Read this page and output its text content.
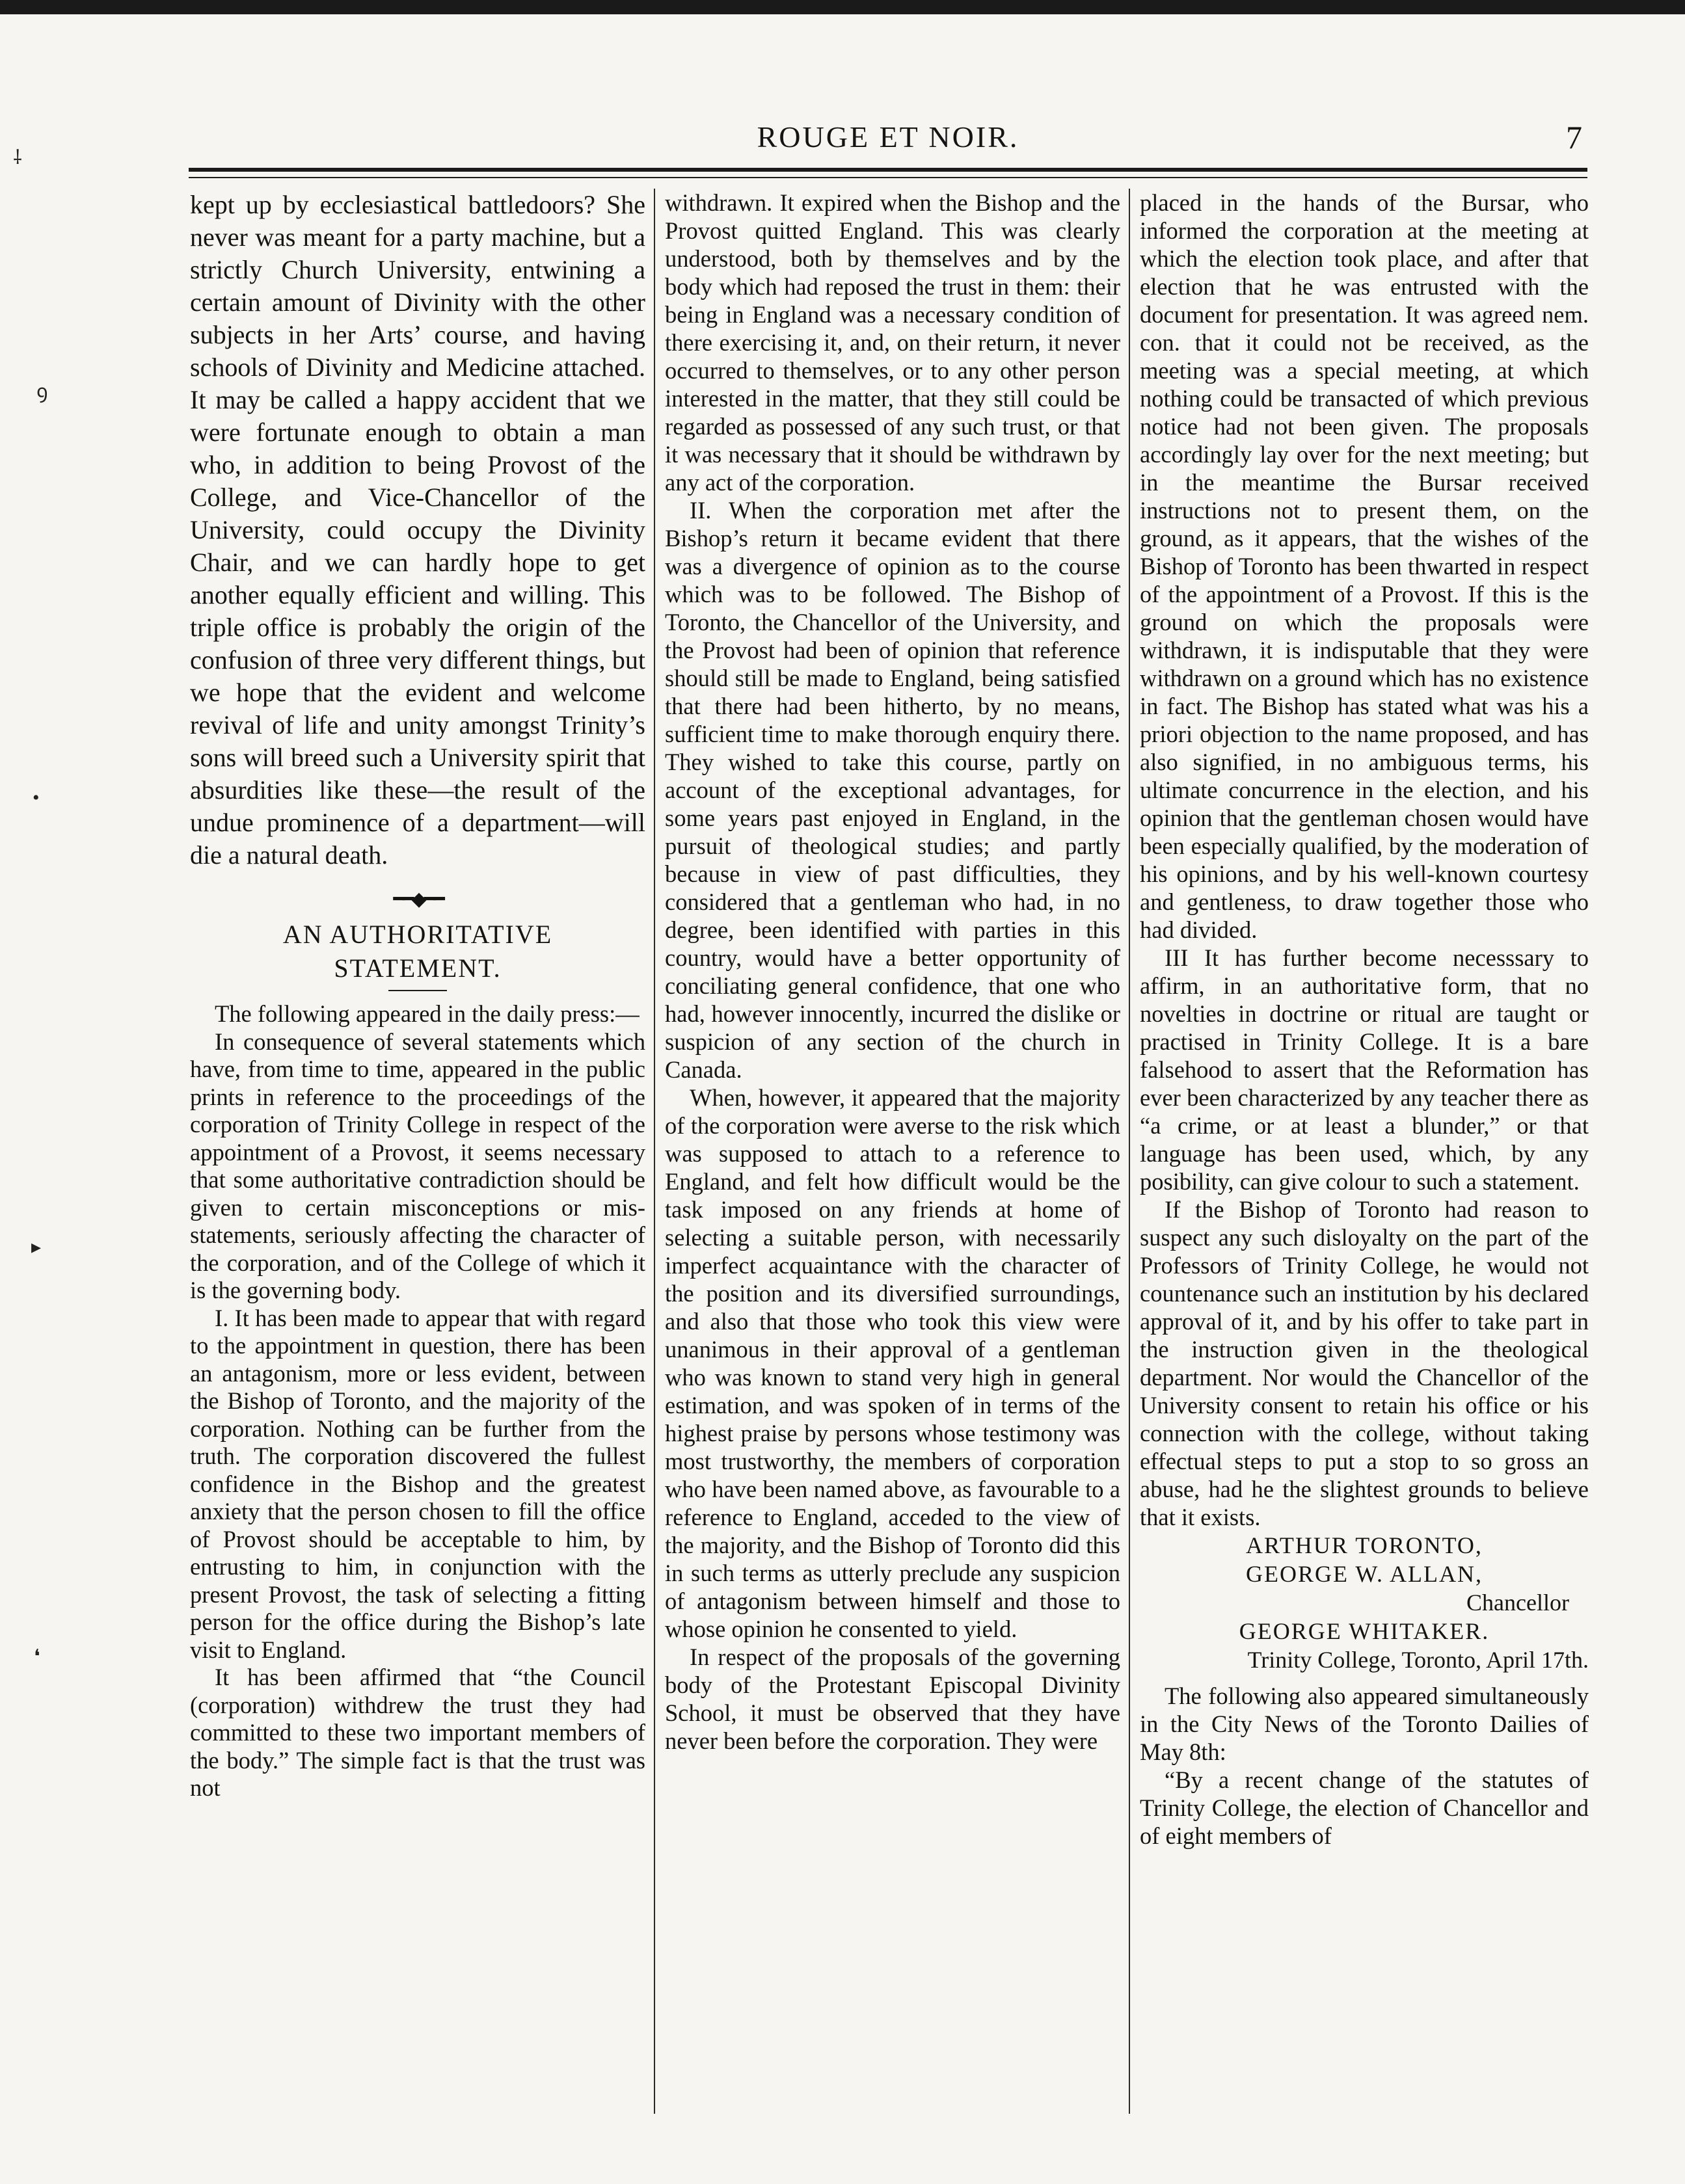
⸸
ꝯ
•
▸
❛
ROUGE ET NOIR.	7

kept up by ecclesiastical battledoors? She never was meant for a party machine, but a strictly Church University, entwining a certain amount of Divinity with the other subjects in her Arts’ course, and having schools of Divinity and Medicine attached. It may be called a happy accident that we were fortunate enough to obtain a man who, in addition to being Provost of the College, and Vice-Chancellor of the University, could occupy the Divinity Chair, and we can hardly hope to get another equally efficient and willing. This triple office is probably the origin of the confusion of three very different things, but we hope that the evident and welcome revival of life and unity amongst Trinity’s sons will breed such a University spirit that absurdities like these—the result of the undue prominence of a department—will die a natural death.

━━◆━━
AN AUTHORITATIVE
STATEMENT.

The following appeared in the daily press:—

In consequence of several statements which have, from time to time, appeared in the public prints in reference to the proceedings of the corporation of Trinity College in respect of the appointment of a Provost, it seems necessary that some authoritative contradiction should be given to certain misconceptions or mis-statements, seriously affecting the character of the corporation, and of the College of which it is the governing body.

I. It has been made to appear that with regard to the appointment in question, there has been an antagonism, more or less evident, between the Bishop of Toronto, and the majority of the corporation. Nothing can be further from the truth. The corporation discovered the fullest confidence in the Bishop and the greatest anxiety that the person chosen to fill the office of Provost should be acceptable to him, by entrusting to him, in conjunction with the present Provost, the task of selecting a fitting person for the office during the Bishop’s late visit to England.

It has been affirmed that “the Council (corporation) withdrew the trust they had committed to these two important members of the body.” The simple fact is that the trust was not

withdrawn. It expired when the Bishop and the Provost quitted England. This was clearly understood, both by themselves and by the body which had reposed the trust in them: their being in England was a necessary condition of there exercising it, and, on their return, it never occurred to themselves, or to any other person interested in the matter, that they still could be regarded as possessed of any such trust, or that it was necessary that it should be withdrawn by any act of the corporation.

II. When the corporation met after the Bishop’s return it became evident that there was a divergence of opinion as to the course which was to be followed. The Bishop of Toronto, the Chancellor of the University, and the Provost had been of opinion that reference should still be made to England, being satisfied that there had been hitherto, by no means, sufficient time to make thorough enquiry there. They wished to take this course, partly on account of the exceptional advantages, for some years past enjoyed in England, in the pursuit of theological studies; and partly because in view of past difficulties, they considered that a gentleman who had, in no degree, been identified with parties in this country, would have a better opportunity of conciliating general confidence, that one who had, however innocently, incurred the dislike or suspicion of any section of the church in Canada.

When, however, it appeared that the majority of the corporation were averse to the risk which was supposed to attach to a reference to England, and felt how difficult would be the task imposed on any friends at home of selecting a suitable person, with necessarily imperfect acquaintance with the character of the position and its diversified surroundings, and also that those who took this view were unanimous in their approval of a gentleman who was known to stand very high in general estimation, and was spoken of in terms of the highest praise by persons whose testimony was most trustworthy, the members of corporation who have been named above, as favourable to a reference to England, acceded to the view of the majority, and the Bishop of Toronto did this in such terms as utterly preclude any suspicion of antagonism between himself and those to whose opinion he consented to yield.

In respect of the proposals of the governing body of the Protestant Episcopal Divinity School, it must be observed that they have never been before the corporation. They were

placed in the hands of the Bursar, who informed the corporation at the meeting at which the election took place, and after that election that he was entrusted with the document for presentation. It was agreed nem. con. that it could not be received, as the meeting was a special meeting, at which nothing could be transacted of which previous notice had not been given. The proposals accordingly lay over for the next meeting; but in the meantime the Bursar received instructions not to present them, on the ground, as it appears, that the wishes of the Bishop of Toronto has been thwarted in respect of the appointment of a Provost. If this is the ground on which the proposals were withdrawn, it is indisputable that they were withdrawn on a ground which has no existence in fact. The Bishop has stated what was his a priori objection to the name proposed, and has also signified, in no ambiguous terms, his ultimate concurrence in the election, and his opinion that the gentleman chosen would have been especially qualified, by the moderation of his opinions, and by his well-known courtesy and gentleness, to draw together those who had divided.

III It has further become necesssary to affirm, in an authoritative form, that no novelties in doctrine or ritual are taught or practised in Trinity College. It is a bare falsehood to assert that the Reformation has ever been characterized by any teacher there as “a crime, or at least a blunder,” or that language has been used, which, by any posibility, can give colour to such a statement.

If the Bishop of Toronto had reason to suspect any such disloyalty on the part of the Professors of Trinity College, he would not countenance such an institution by his declared approval of it, and by his offer to take part in the instruction given in the theological department. Nor would the Chancellor of the University consent to retain his office or his connection with the college, without taking effectual steps to put a stop to so gross an abuse, had he the slightest grounds to believe that it exists.

ARTHUR TORONTO,
GEORGE W. ALLAN,
Chancellor
GEORGE WHITAKER.
Trinity College, Toronto, April 17th.

The following also appeared simultaneously in the City News of the Toronto Dailies of May 8th:

“By a recent change of the statutes of Trinity College, the election of Chancellor and of eight members of
